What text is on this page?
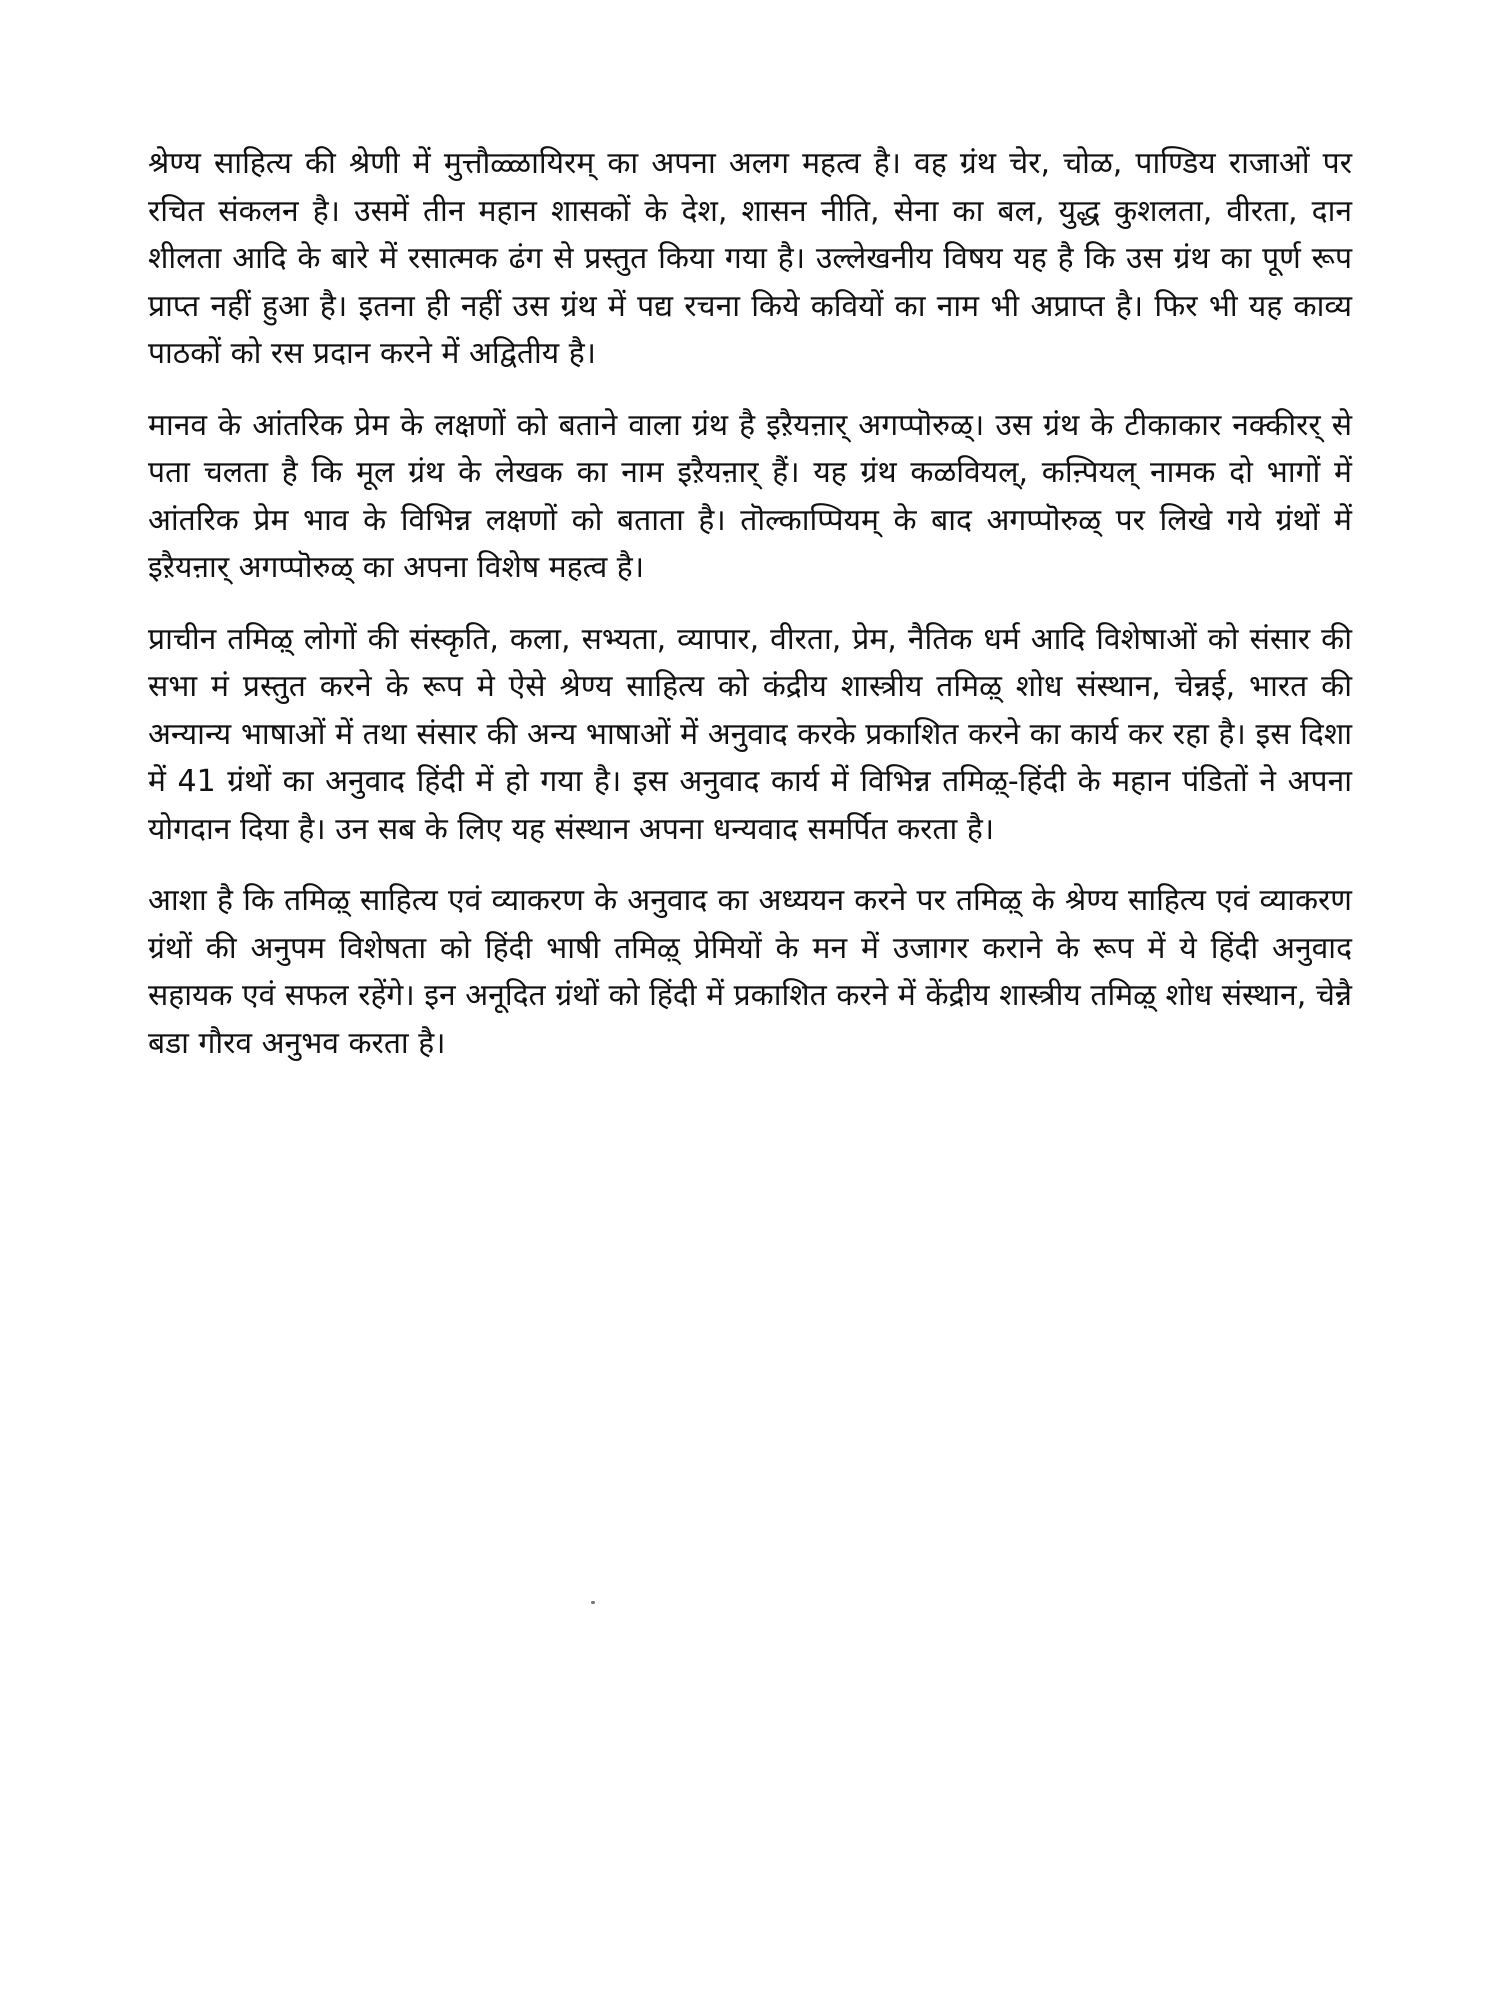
श्रेण्य साहित्य की श्रेणी में मुत्तौळ्ळायिरम् का अपना अलग महत्व है। वह ग्रंथ चेर, चोळ, पाण्डिय राजाओं पर रचित संकलन है। उसमें तीन महान शासकों के देश, शासन नीति, सेना का बल, युद्ध कुशलता, वीरता, दान शीलता आदि के बारे में रसात्मक ढंग से प्रस्तुत किया गया है। उल्लेखनीय विषय यह है कि उस ग्रंथ का पूर्ण रूप प्राप्त नहीं हुआ है। इतना ही नहीं उस ग्रंथ में पद्य रचना किये कवियों का नाम भी अप्राप्त है। फिर भी यह काव्य पाठकों को रस प्रदान करने में अद्वितीय है।

मानव के आंतरिक प्रेम के लक्षणों को बताने वाला ग्रंथ है इऱैयऩार् अगप्पॊरुळ्। उस ग्रंथ के टीकाकार नक्कीरर् से पता चलता है कि मूल ग्रंथ के लेखक का नाम इऱैयऩार् हैं। यह ग्रंथ कळवियल्, कऩ्पियल् नामक दो भागों में आंतरिक प्रेम भाव के विभिन्न लक्षणों को बताता है। तॊल्काप्पियम् के बाद अगप्पॊरुळ् पर लिखे गये ग्रंथों में इऱैयऩार् अगप्पॊरुळ् का अपना विशेष महत्व है।

प्राचीन तमिऴ् लोगों की संस्कृति, कला, सभ्यता, व्यापार, वीरता, प्रेम, नैतिक धर्म आदि विशेषाओं को संसार की सभा मं प्रस्तुत करने के रूप मे ऐसे श्रेण्य साहित्य को कंद्रीय शास्त्रीय तमिऴ् शोध संस्थान, चेन्नई, भारत की अन्यान्य भाषाओं में तथा संसार की अन्य भाषाओं में अनुवाद करके प्रकाशित करने का कार्य कर रहा है। इस दिशा में 41 ग्रंथों का अनुवाद हिंदी में हो गया है। इस अनुवाद कार्य में विभिन्न तमिऴ्-हिंदी के महान पंडितों ने अपना योगदान दिया है। उन सब के लिए यह संस्थान अपना धन्यवाद समर्पित करता है।

आशा है कि तमिऴ् साहित्य एवं व्याकरण के अनुवाद का अध्ययन करने पर तमिऴ् के श्रेण्य साहित्य एवं व्याकरण ग्रंथों की अनुपम विशेषता को हिंदी भाषी तमिऴ् प्रेमियों के मन में उजागर कराने के रूप में ये हिंदी अनुवाद सहायक एवं सफल रहेंगे। इन अनूदित ग्रंथों को हिंदी में प्रकाशित करने में केंद्रीय शास्त्रीय तमिऴ् शोध संस्थान, चेन्नै बडा गौरव अनुभव करता है।
